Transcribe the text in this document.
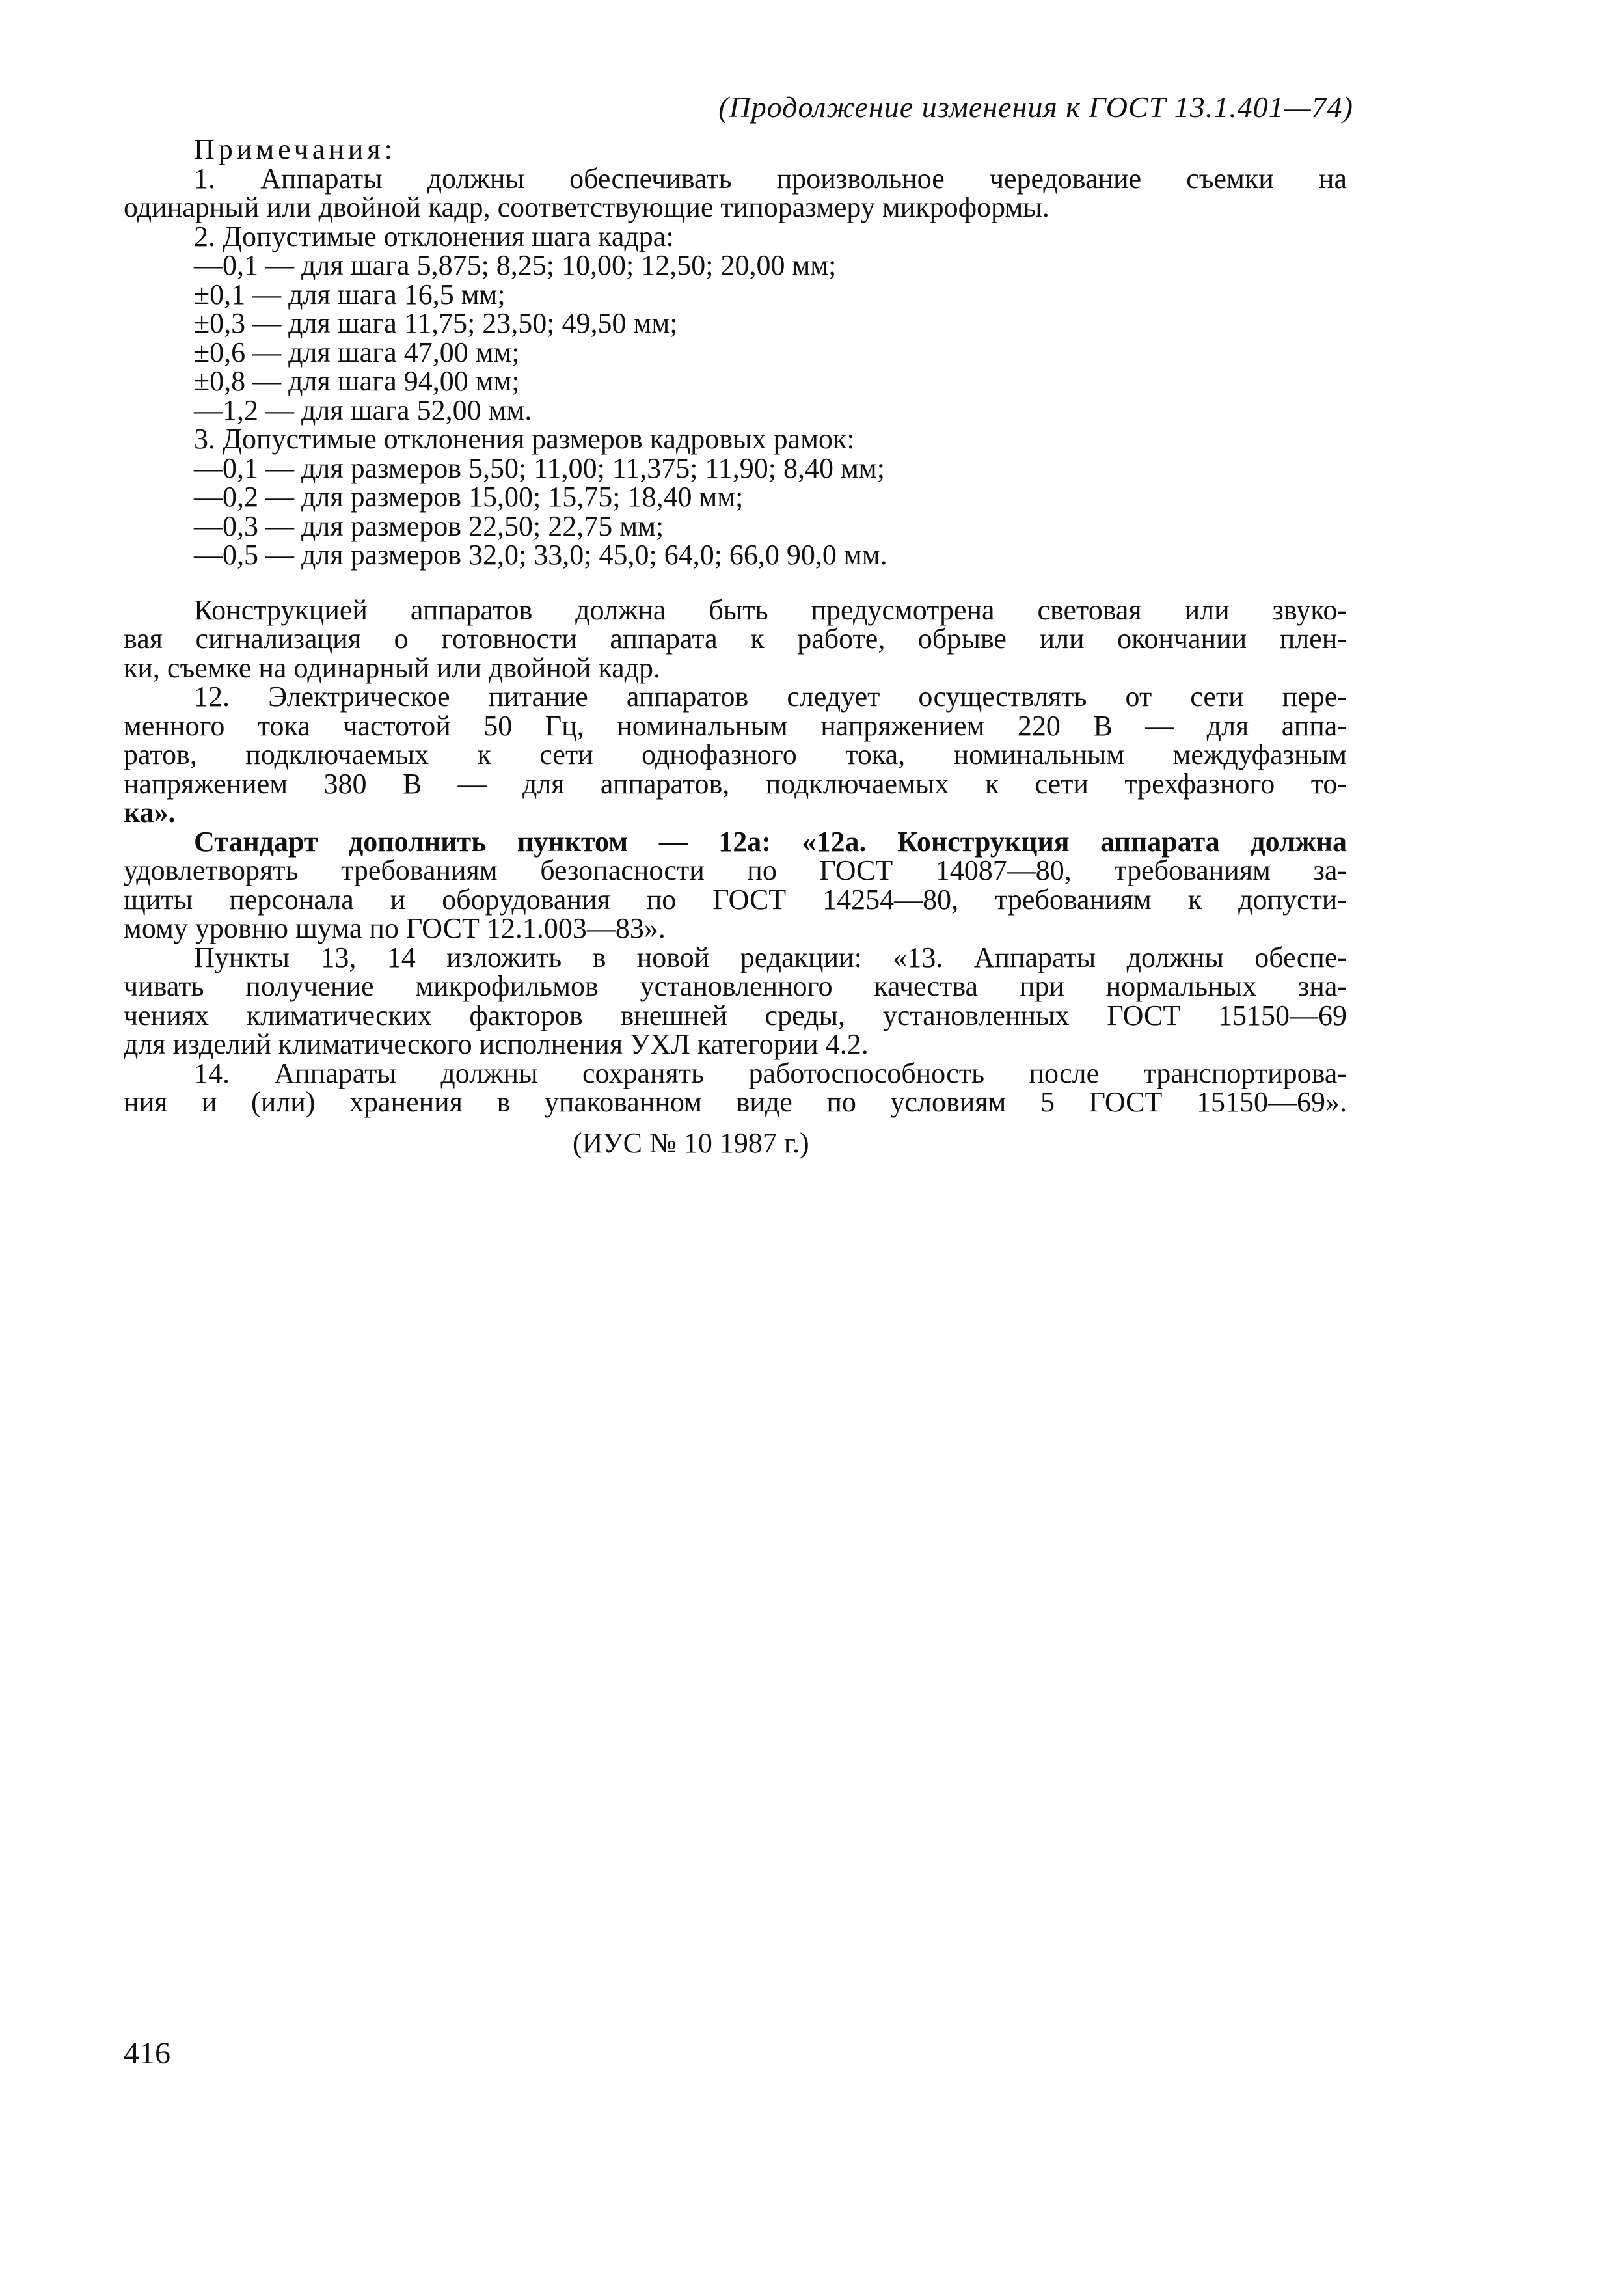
(Продолжение изменения к ГОСТ 13.1.401—74)
Примечания:
1. Аппараты должны обеспечивать произвольное чередование съемки на
одинарный или двойной кадр, соответствующие типоразмеру микроформы.
2. Допустимые отклонения шага кадра:
—0,1 — для шага 5,875; 8,25; 10,00; 12,50; 20,00 мм;
±0,1 — для шага 16,5 мм;
±0,3 — для шага 11,75; 23,50; 49,50 мм;
±0,6 — для шага 47,00 мм;
±0,8 — для шага 94,00 мм;
—1,2 — для шага 52,00 мм.
3. Допустимые отклонения размеров кадровых рамок:
—0,1 — для размеров 5,50; 11,00; 11,375; 11,90; 8,40 мм;
—0,2 — для размеров 15,00; 15,75; 18,40 мм;
—0,3 — для размеров 22,50; 22,75 мм;
—0,5 — для размеров 32,0; 33,0; 45,0; 64,0; 66,0 90,0 мм.
Конструкцией аппаратов должна быть предусмотрена световая или звуко-
вая сигнализация о готовности аппарата к работе, обрыве или окончании плен-
ки, съемке на одинарный или двойной кадр.
12. Электрическое питание аппаратов следует осуществлять от сети пере-
менного тока частотой 50 Гц, номинальным напряжением 220 В — для аппа-
ратов, подключаемых к сети однофазного тока, номинальным междуфазным
напряжением 380 В — для аппаратов, подключаемых к сети трехфазного то-
ка».
Стандарт дополнить пунктом — 12а: «12а. Конструкция аппарата должна
удовлетворять требованиям безопасности по ГОСТ 14087—80, требованиям за-
щиты персонала и оборудования по ГОСТ 14254—80, требованиям к допусти-
мому уровню шума по ГОСТ 12.1.003—83».
Пункты 13, 14 изложить в новой редакции: «13. Аппараты должны обеспе-
чивать получение микрофильмов установленного качества при нормальных зна-
чениях климатических факторов внешней среды, установленных ГОСТ 15150—69
для изделий климатического исполнения УХЛ категории 4.2.
14. Аппараты должны сохранять работоспособность после транспортирова-
ния и (или) хранения в упакованном виде по условиям 5 ГОСТ 15150—69».
(ИУС № 10 1987 г.)
416
